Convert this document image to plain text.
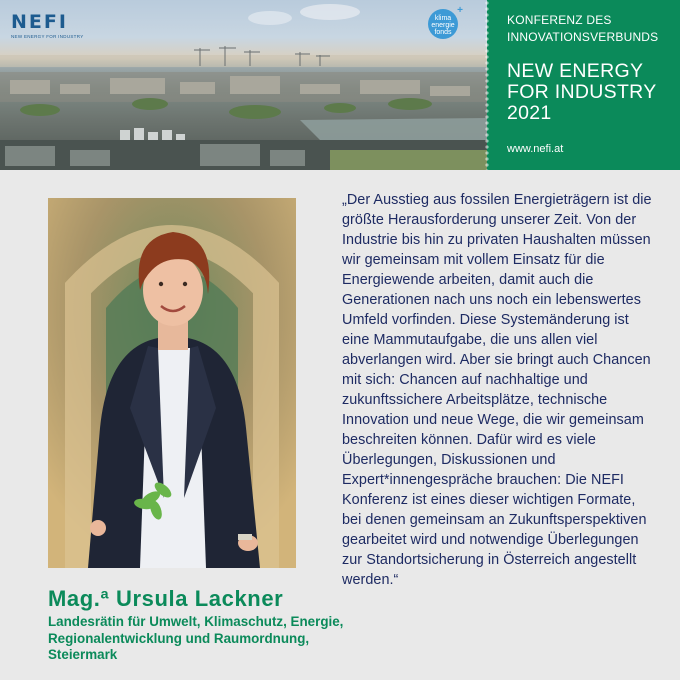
NEFI
NEW ENERGY FOR INDUSTRY
klima energie fonds
+
KONFERENZ DES
INNOVATIONSVERBUNDS
NEW ENERGY
FOR INDUSTRY
2021
www.nefi.at
Mag.ª Ursula Lackner
Landesrätin für Umwelt, Klimaschutz, Energie, Regionalentwicklung und Raumordnung, Steiermark
„Der Ausstieg aus fossilen Energieträgern ist die größte Herausforderung unserer Zeit. Von der Industrie bis hin zu privaten Haushalten müssen wir gemeinsam mit vollem Einsatz für die Energiewende arbeiten, damit auch die Generationen nach uns noch ein lebenswertes Umfeld vorfinden. Diese Systemänderung ist eine Mammutaufgabe, die uns allen viel abverlangen wird. Aber sie bringt auch Chancen mit sich: Chancen auf nachhaltige und zukunftssichere Arbeitsplätze, technische Innovation und neue Wege, die wir gemeinsam beschreiten können. Dafür wird es viele Überlegungen, Diskussionen und Expert*innengespräche brauchen: Die NEFI Konferenz ist eines dieser wichtigen Formate, bei denen gemeinsam an Zukunftsperspektiven gearbeitet wird und notwendige Überlegungen zur Standortsicherung in Österreich angestellt werden.“
